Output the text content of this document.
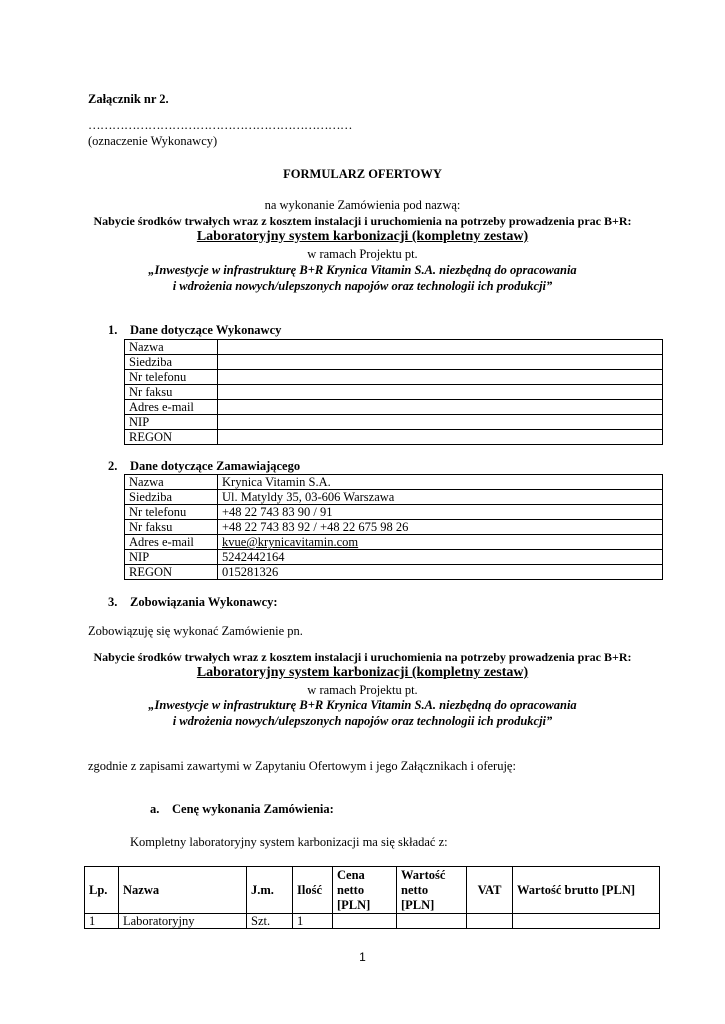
Załącznik nr 2.
…………………………………………………………
(oznaczenie Wykonawcy)
FORMULARZ OFERTOWY
na wykonanie Zamówienia pod nazwą:
Nabycie środków trwałych wraz z kosztem instalacji i uruchomienia na potrzeby prowadzenia prac B+R:
Laboratoryjny system karbonizacji (kompletny zestaw)
w ramach Projektu pt.
„Inwestycje w infrastrukturę B+R Krynica Vitamin S.A. niezbędną do opracowania
i wdrożenia nowych/ulepszonych napojów oraz technologii ich produkcji”
1. Dane dotyczące Wykonawcy
Nazwa	
Siedziba	
Nr telefonu	
Nr faksu	
Adres e-mail	
NIP	
REGON	
2. Dane dotyczące Zamawiającego
Nazwa	Krynica Vitamin S.A.
Siedziba	Ul. Matyldy 35, 03-606 Warszawa
Nr telefonu	+48 22 743 83 90 / 91
Nr faksu	+48 22 743 83 92 / +48 22 675 98 26
Adres e-mail	kvue@krynicavitamin.com
NIP	5242442164
REGON	015281326
3. Zobowiązania Wykonawcy:
Zobowiązuję się wykonać Zamówienie pn.
Nabycie środków trwałych wraz z kosztem instalacji i uruchomienia na potrzeby prowadzenia prac B+R:
Laboratoryjny system karbonizacji (kompletny zestaw)
w ramach Projektu pt.
„Inwestycje w infrastrukturę B+R Krynica Vitamin S.A. niezbędną do opracowania
i wdrożenia nowych/ulepszonych napojów oraz technologii ich produkcji”
zgodnie z zapisami zawartymi w Zapytaniu Ofertowym i jego Załącznikach i oferuję:
a. Cenę wykonania Zamówienia:
Kompletny laboratoryjny system karbonizacji ma się składać z:
Lp.	Nazwa	J.m.	Ilość	Cena netto [PLN]	Wartość netto [PLN]	VAT	Wartość brutto [PLN]
1	Laboratoryjny	Szt.	1				
1
